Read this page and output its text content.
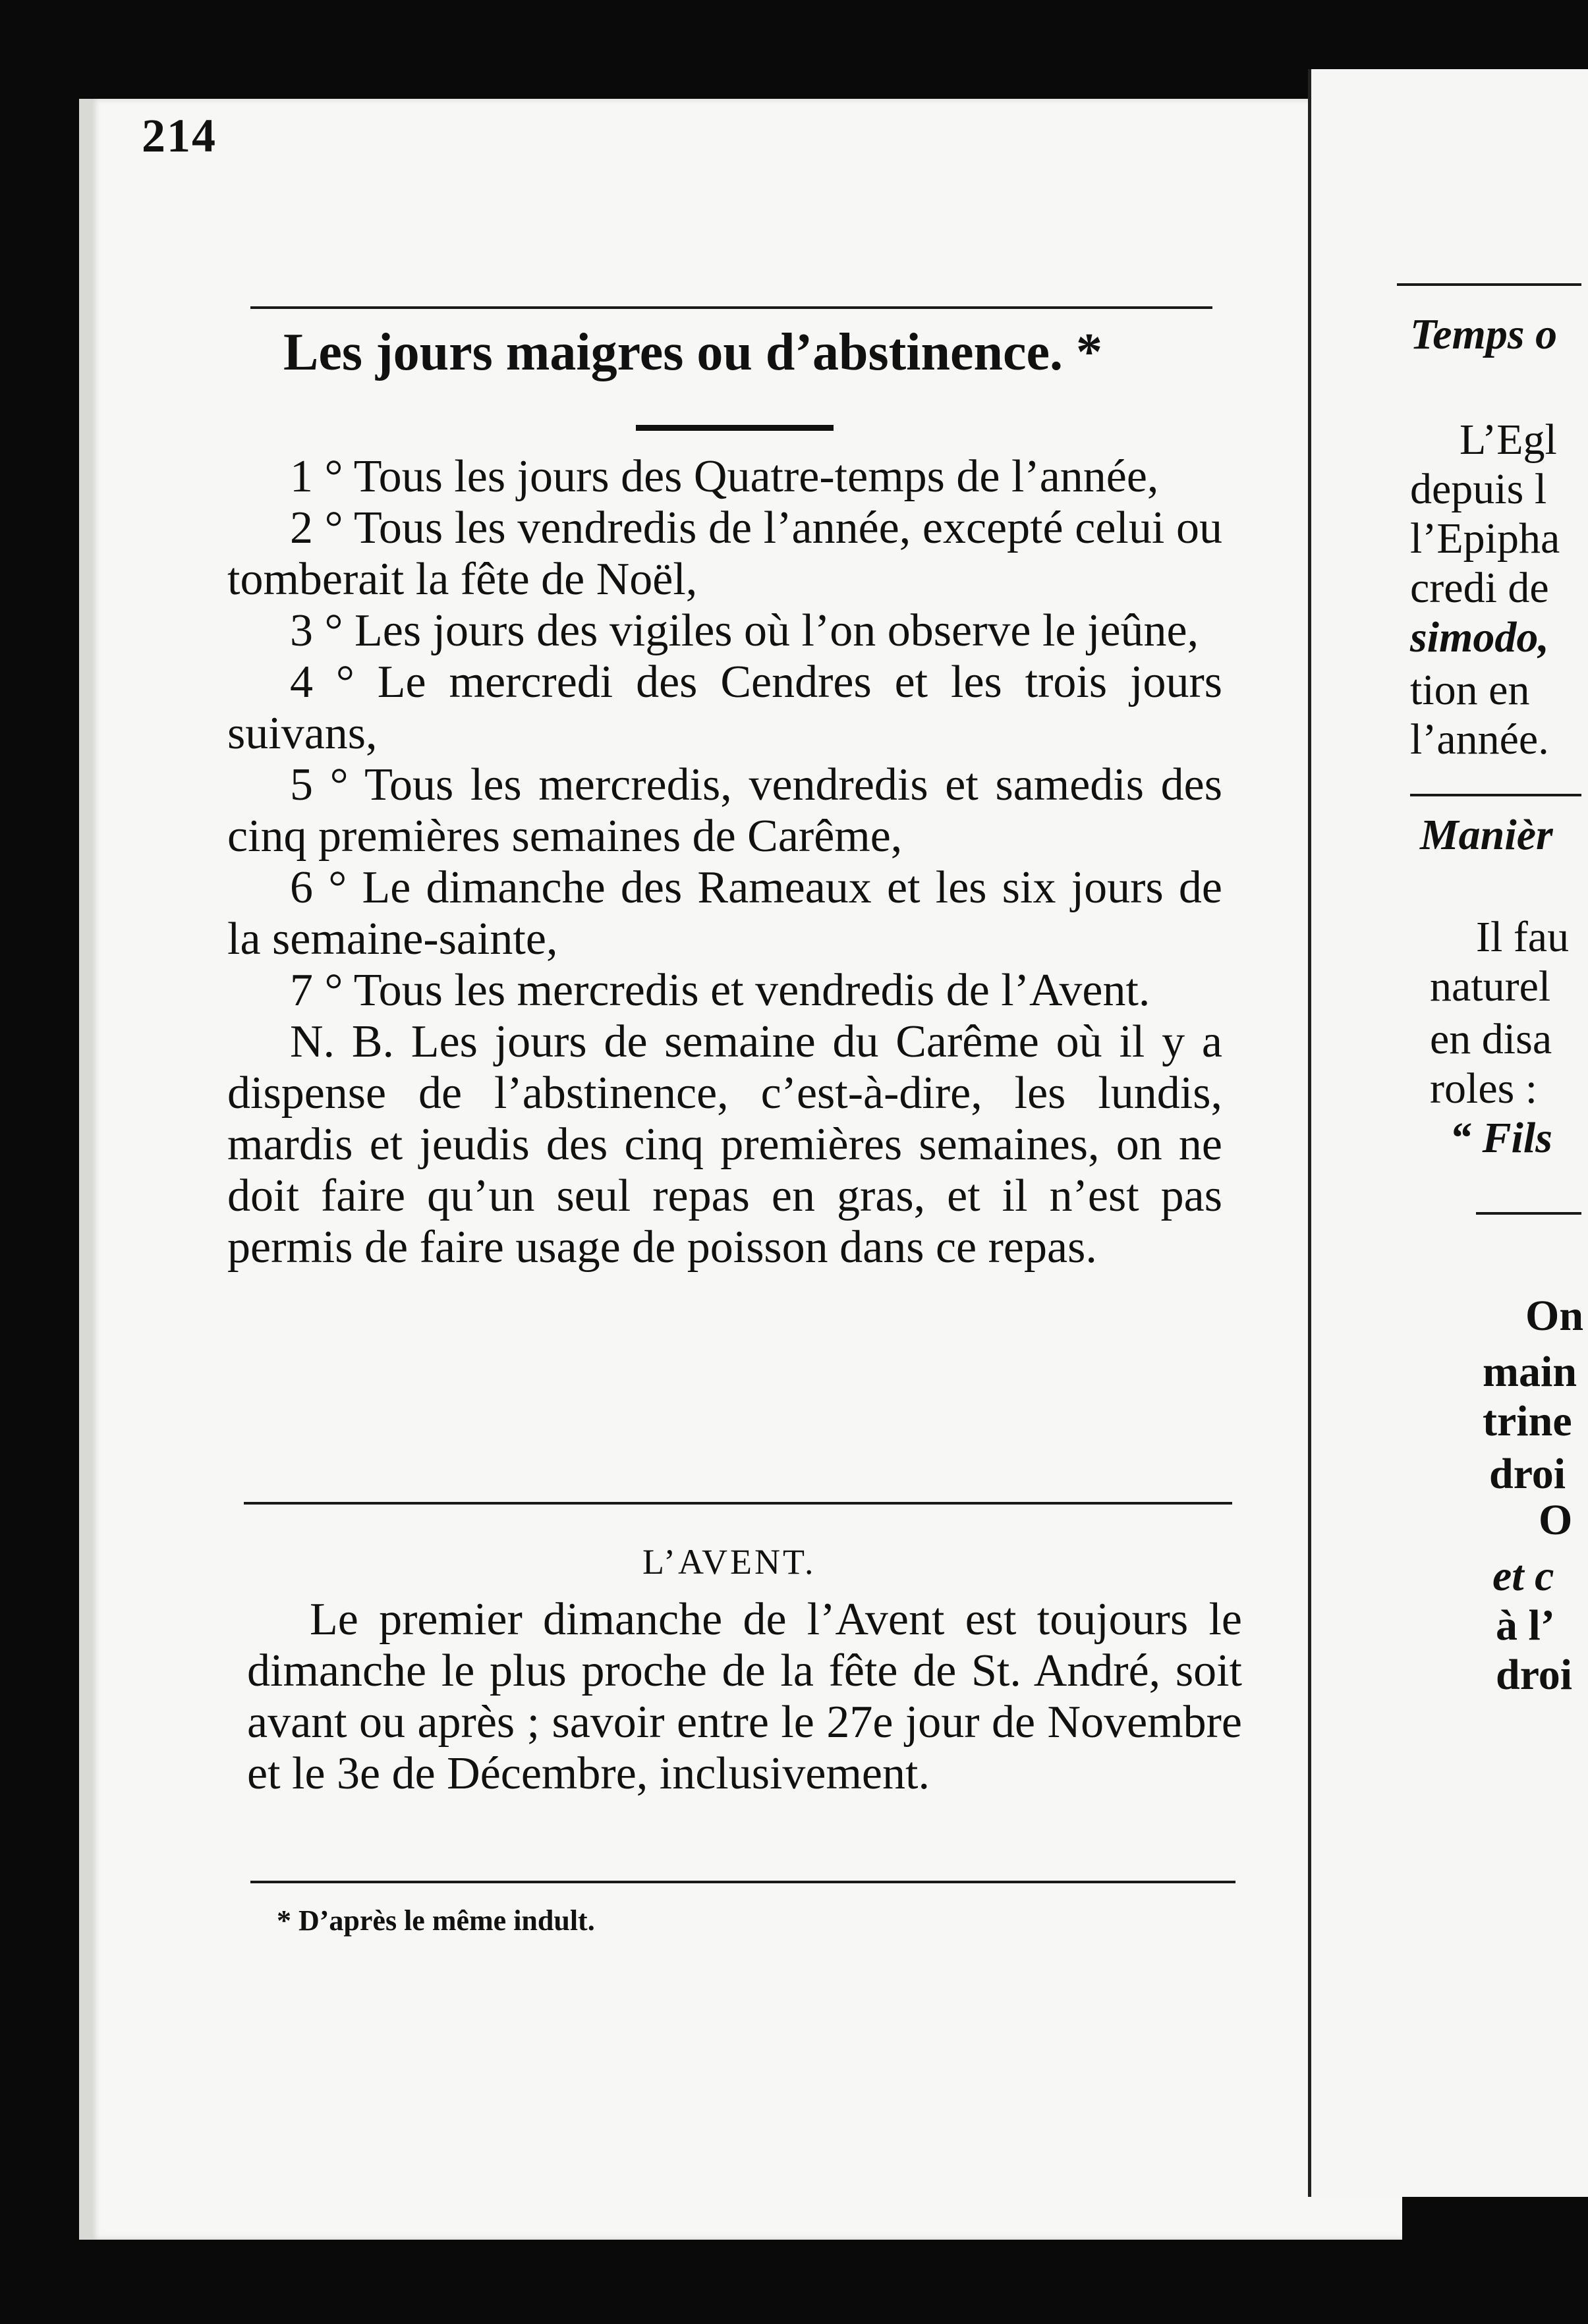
214
Les jours maigres ou d’abstinence. *

1 ° Tous les jours des Quatre-temps de l’année,

2 ° Tous les vendredis de l’année, excepté celui ou tomberait la fête de Noël,

3 ° Les jours des vigiles où l’on observe le jeûne,

4 ° Le mercredi des Cendres et les trois jours suivans,

5 ° Tous les mercredis, vendredis et samedis des cinq premières semaines de Carême,

6 ° Le dimanche des Rameaux et les six jours de la semaine-sainte,

7 ° Tous les mercredis et vendredis de l’Avent.

N. B. Les jours de semaine du Carême où il y a dispense de l’abstinence, c’est-à-dire, les lundis, mardis et jeudis des cinq premières semaines, on ne doit faire qu’un seul repas en gras, et il n’est pas permis de faire usage de poisson dans ce repas.

L’AVENT.

Le premier dimanche de l’Avent est toujours le dimanche le plus proche de la fête de St. André, soit avant ou après ; savoir entre le 27e jour de Novembre et le 3e de Décembre, inclusivement.

* D’après le même indult.
Temps o
L’Egl
depuis l
l’Epipha
credi de
simodo,
tion en
l’année.
Manièr
Il fau
naturel
en disa
roles :
“ Fils
On
main
trine
droi
O
et c
à l’
droi
